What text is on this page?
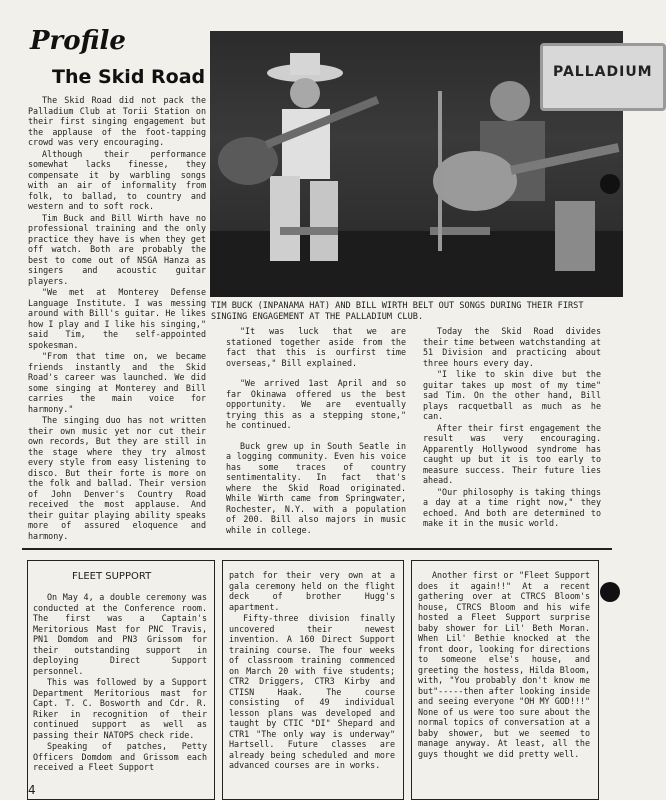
Profile
The Skid Road	PALLADIUM
TIM BUCK (INPANAMA HAT) AND BILL WIRTH BELT OUT SONGS DURING THEIR FIRST SINGING ENGAGEMENT AT THE PALLADIUM CLUB.

The Skid Road did not pack the Palladium Club at Torii Station on their first singing engagement but the applause of the foot-tapping crowd was very encouraging.

Although their performance somewhat lacks finesse, they compensate it by warbling songs with an air of informality from folk, to ballad, to country and western and to soft rock.

Tim Buck and Bill Wirth have no professional training and the only practice they have is when they get off watch. Both are probably the best to come out of NSGA Hanza as singers and acoustic guitar players.

"We met at Monterey Defense Language Institute. I was messing around with Bill's guitar. He likes how I play and I like his singing," said Tim, the self-appointed spokesman.

"From that time on, we became friends instantly and the Skid Road's career was launched. We did some singing at Monterey and Bill carries the main voice for harmony."

The singing duo has not written their own music yet nor cut their own records, But they are still in the stage where they try almost every style from easy listening to disco. But their forte is more on the folk and ballad. Their version of John Denver's Country Road received the most applause. And their guitar playing ability speaks more of assured eloquence and harmony.

"It was luck that we are stationed together aside from the fact that this is ourfirst time overseas," Bill explained.

"We arrived 1ast April and so far Okinawa offered us the best opportunity. We are eventually trying this as a stepping stone," he continued.

Buck grew up in South Seatle in a logging community. Even his voice has some traces of country sentimentality. In fact that's where the Skid Road originated. While Wirth came from Springwater, Rochester, N.Y. with a population of 200. Bill also majors in music while in college.

Today the Skid Road divides their time between watchstanding at 51 Division and practicing about three hours every day.

"I like to skin dive but the guitar takes up most of my time" sad Tim. On the other hand, Bill plays racquetball as much as he can.

After their first engagement the result was very encouraging. Apparently Hollywood syndrome has caught up but it is too early to measure success. Their future lies ahead.

"Our philosophy is taking things a day at a time right now," they echoed. And both are determined to make it in the music world.

FLEET SUPPORT

On May 4, a double ceremony was conducted at the Conference room. The first was a Captain's Meritorious Mast for PNC Travis, PN1 Domdom and PN3 Grissom for their outstanding support in deploying Direct Support personnel.

This was followed by a Support Department Meritorious mast for Capt. T. C. Bosworth and Cdr. R. Riker in recognition of their continued support as well as passing their NATOPS check ride.

Speaking of patches, Petty Officers Domdom and Grissom each received a Fleet Support

patch for their very own at a gala ceremony held on the flight deck of brother Hugg's apartment.

Fifty-three division finally uncovered their newest invention. A 160 Direct Support training course. The four weeks of classroom training commenced on March 20 with five students; CTR2 Driggers, CTR3 Kirby and CTISN Haak. The course consisting of 49 individual lesson plans was developed and taught by CTIC "DI" Shepard and CTR1 "The only way is underway" Hartsell. Future classes are already being scheduled and more advanced courses are in works.

Another first or "Fleet Support does it again!!" At a recent gathering over at CTRCS Bloom's house, CTRCS Bloom and his wife hosted a Fleet Support surprise baby shower for Lil' Beth Moran. When Lil' Bethie knocked at the front door, looking for directions to someone else's house, and greeting the hostess, Hilda Bloom, with, "You probably don't know me but"-----then after looking inside and seeing everyone "OH MY GOD!!!" None of us were too sure about the normal topics of conversation at a baby shower, but we seemed to manage anyway. At least, all the guys thought we did pretty well.

4
